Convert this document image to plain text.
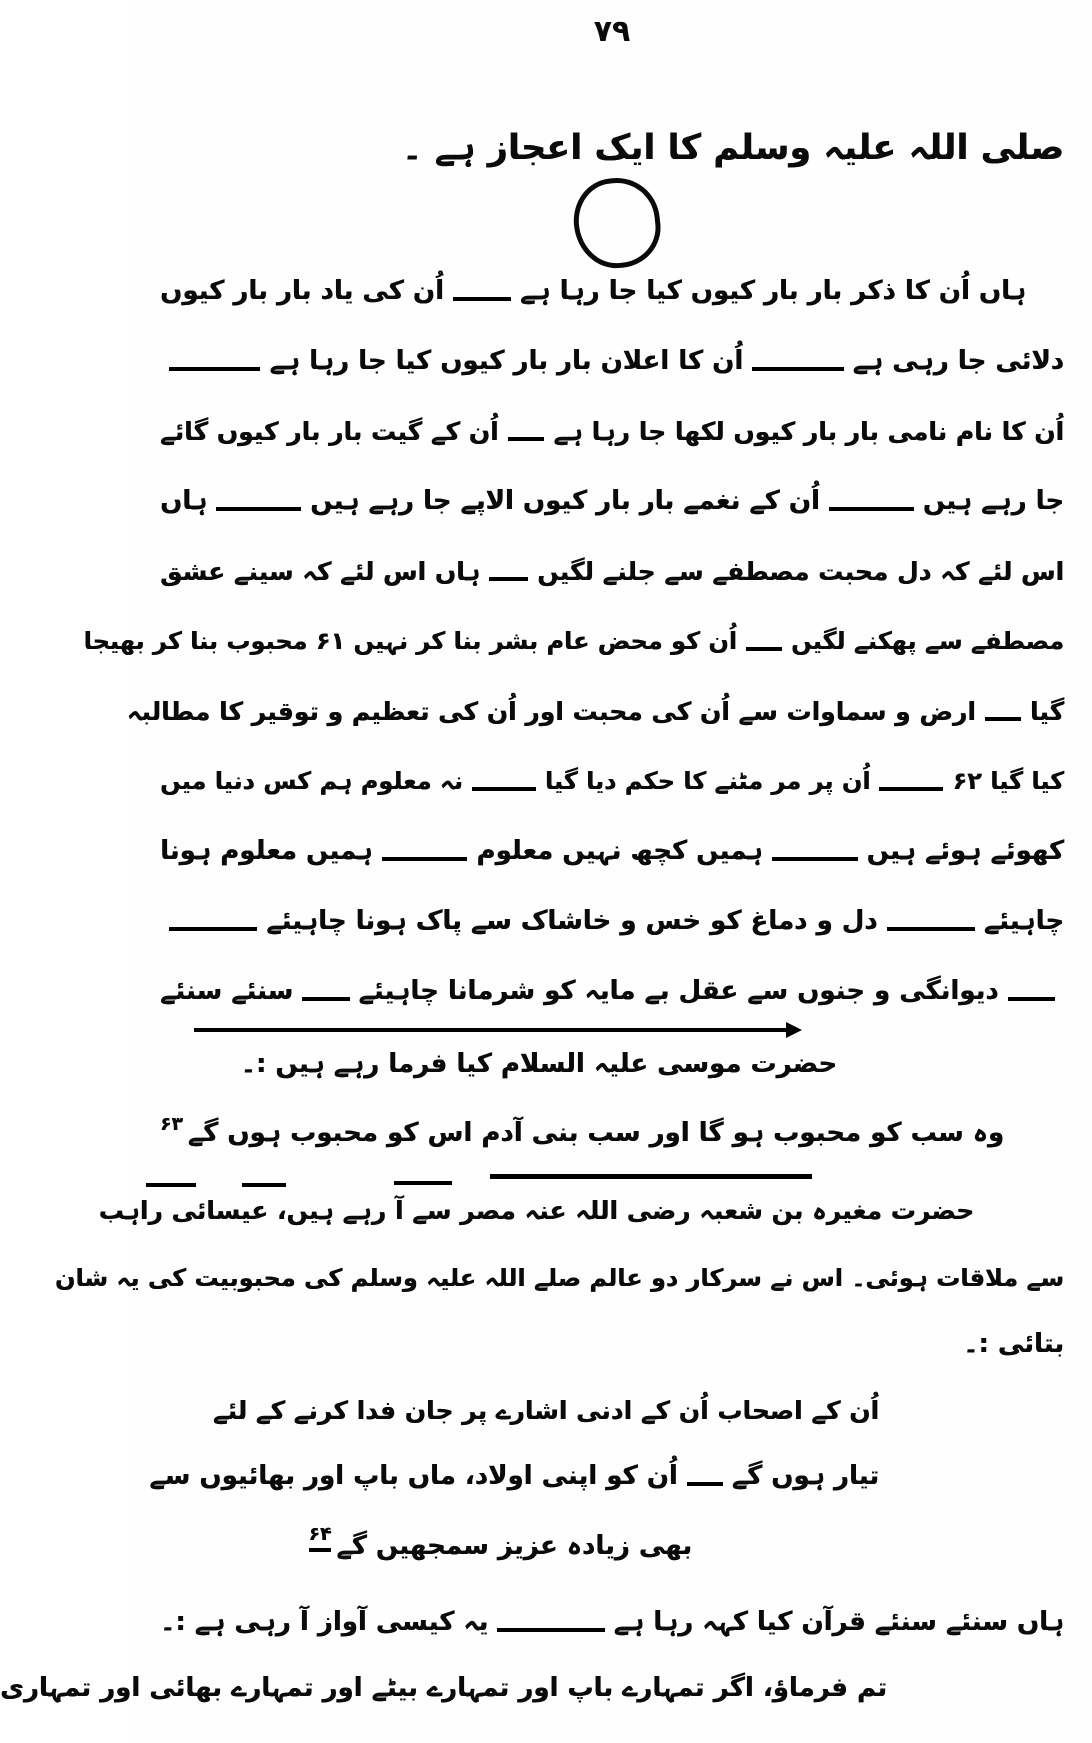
۷۹
صلی اللہ علیہ وسلم کا ایک اعجاز ہے ۔
ہاں اُن کا ذکر بار بار کیوں کیا جا رہا ہے
اُن کی یاد بار بار کیوں
دلائی جا رہی ہے
اُن کا اعلان بار بار کیوں کیا جا رہا ہے
اُن کا نام نامی بار بار کیوں لکھا جا رہا ہے
اُن کے گیت بار بار کیوں گائے
جا رہے ہیں
اُن کے نغمے بار بار کیوں الاپے جا رہے ہیں
ہاں
اس لئے کہ دل محبت مصطفے سے جلنے لگیں
ہاں اس لئے کہ سینے عشق
مصطفے سے پھکنے لگیں
اُن کو محض عام بشر بنا کر نہیں ۶۱ محبوب بنا کر بھیجا
گیا
ارض و سماوات سے اُن کی محبت اور اُن کی تعظیم و توقیر کا مطالبہ
کیا گیا ۶۲
اُن پر مر مٹنے کا حکم دیا گیا
نہ معلوم ہم کس دنیا میں
کھوئے ہوئے ہیں
ہمیں کچھ نہیں معلوم
ہمیں معلوم ہونا
چاہیئے
دل و دماغ کو خس و خاشاک سے پاک ہونا چاہیئے
دیوانگی و جنوں سے عقل بے مایہ کو شرمانا چاہیئے
سنئے سنئے
حضرت موسی علیہ السلام کیا فرما رہے ہیں :۔
وہ سب کو محبوب ہو گا اور سب بنی آدم اس کو محبوب ہوں گے
۶۳
حضرت مغیرہ بن شعبہ رضی اللہ عنہ مصر سے آ رہے ہیں، عیسائی راہب
سے ملاقات ہوئی۔ اس نے سرکار دو عالم صلے اللہ علیہ وسلم کی محبوبیت کی یہ شان
بتائی :۔
اُن کے اصحاب اُن کے ادنی اشارے پر جان فدا کرنے کے لئے
تیار ہوں گے
اُن کو اپنی اولاد، ماں باپ اور بھائیوں سے
بھی زیادہ عزیز سمجھیں گے
۶۴
ہاں سنئے سنئے قرآن کیا کہہ رہا ہے
یہ کیسی آواز آ رہی ہے :۔
تم فرماؤ، اگر تمہارے باپ اور تمہارے بیٹے اور تمہارے بھائی اور تمہاری
